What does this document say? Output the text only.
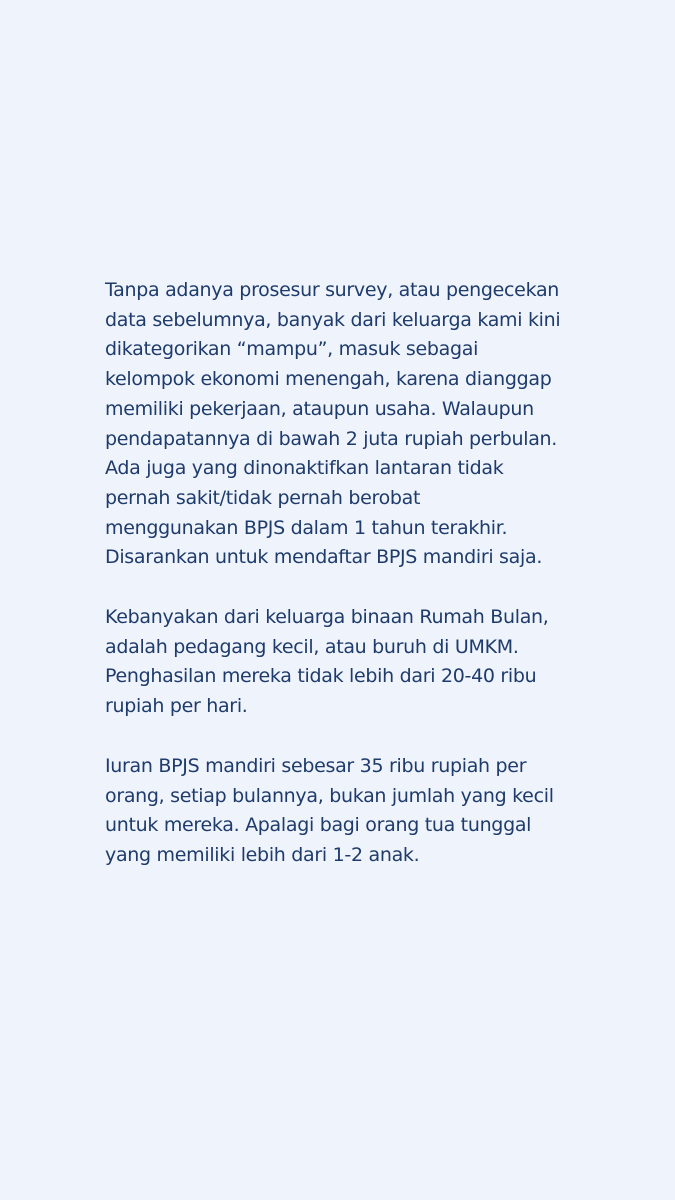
Tanpa adanya prosesur survey, atau pengecekan
data sebelumnya, banyak dari keluarga kami kini
dikategorikan “mampu”, masuk sebagai
kelompok ekonomi menengah, karena dianggap
memiliki pekerjaan, ataupun usaha. Walaupun
pendapatannya di bawah 2 juta rupiah perbulan.
Ada juga yang dinonaktifkan lantaran tidak
pernah sakit/tidak pernah berobat
menggunakan BPJS dalam 1 tahun terakhir.
Disarankan untuk mendaftar BPJS mandiri saja.

Kebanyakan dari keluarga binaan Rumah Bulan,
adalah pedagang kecil, atau buruh di UMKM.
Penghasilan mereka tidak lebih dari 20-40 ribu
rupiah per hari.

Iuran BPJS mandiri sebesar 35 ribu rupiah per
orang, setiap bulannya, bukan jumlah yang kecil
untuk mereka. Apalagi bagi orang tua tunggal
yang memiliki lebih dari 1-2 anak.
